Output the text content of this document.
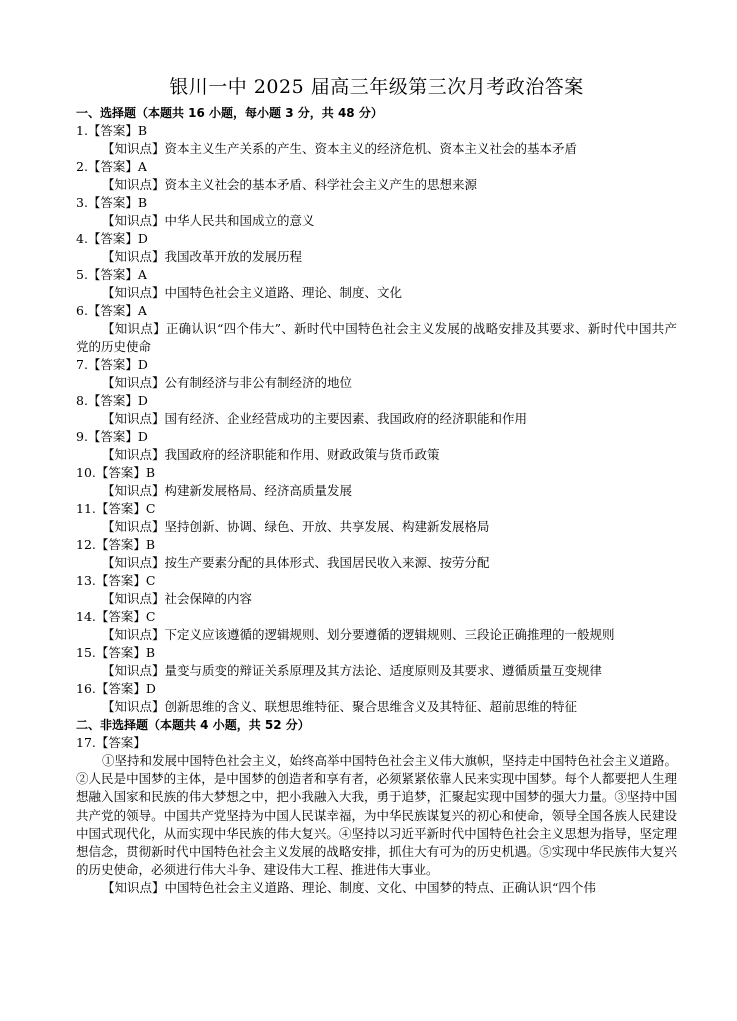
银川一中 2025 届高三年级第三次月考政治答案
一、选择题（本题共 16 小题，每小题 3 分，共 48 分）
1.【答案】B
【知识点】资本主义生产关系的产生、资本主义的经济危机、资本主义社会的基本矛盾
2.【答案】A
【知识点】资本主义社会的基本矛盾、科学社会主义产生的思想来源
3.【答案】B
【知识点】中华人民共和国成立的意义
4.【答案】D
【知识点】我国改革开放的发展历程
5.【答案】A
【知识点】中国特色社会主义道路、理论、制度、文化
6.【答案】A
【知识点】正确认识“四个伟大”、新时代中国特色社会主义发展的战略安排及其要求、新时代中国共产党的历史使命
7.【答案】D
【知识点】公有制经济与非公有制经济的地位
8.【答案】D
【知识点】国有经济、企业经营成功的主要因素、我国政府的经济职能和作用
9.【答案】D
【知识点】我国政府的经济职能和作用、财政政策与货币政策
10.【答案】B
【知识点】构建新发展格局、经济高质量发展
11.【答案】C
【知识点】坚持创新、协调、绿色、开放、共享发展、构建新发展格局
12.【答案】B
【知识点】按生产要素分配的具体形式、我国居民收入来源、按劳分配
13.【答案】C
【知识点】社会保障的内容
14.【答案】C
【知识点】下定义应该遵循的逻辑规则、划分要遵循的逻辑规则、三段论正确推理的一般规则
15.【答案】B
【知识点】量变与质变的辩证关系原理及其方法论、适度原则及其要求、遵循质量互变规律
16.【答案】D
【知识点】创新思维的含义、联想思维特征、聚合思维含义及其特征、超前思维的特征
二、非选择题（本题共 4 小题，共 52 分）
17.【答案】
①坚持和发展中国特色社会主义，始终高举中国特色社会主义伟大旗帜，坚持走中国特色社会主义道路。②人民是中国梦的主体，是中国梦的创造者和享有者，必须紧紧依靠人民来实现中国梦。每个人都要把人生理想融入国家和民族的伟大梦想之中，把小我融入大我，勇于追梦，汇聚起实现中国梦的强大力量。③坚持中国共产党的领导。中国共产党坚持为中国人民谋幸福，为中华民族谋复兴的初心和使命，领导全国各族人民建设中国式现代化，从而实现中华民族的伟大复兴。④坚持以习近平新时代中国特色社会主义思想为指导，坚定理想信念，贯彻新时代中国特色社会主义发展的战略安排，抓住大有可为的历史机遇。⑤实现中华民族伟大复兴的历史使命，必须进行伟大斗争、建设伟大工程、推进伟大事业。
【知识点】中国特色社会主义道路、理论、制度、文化、中国梦的特点、正确认识“四个伟
